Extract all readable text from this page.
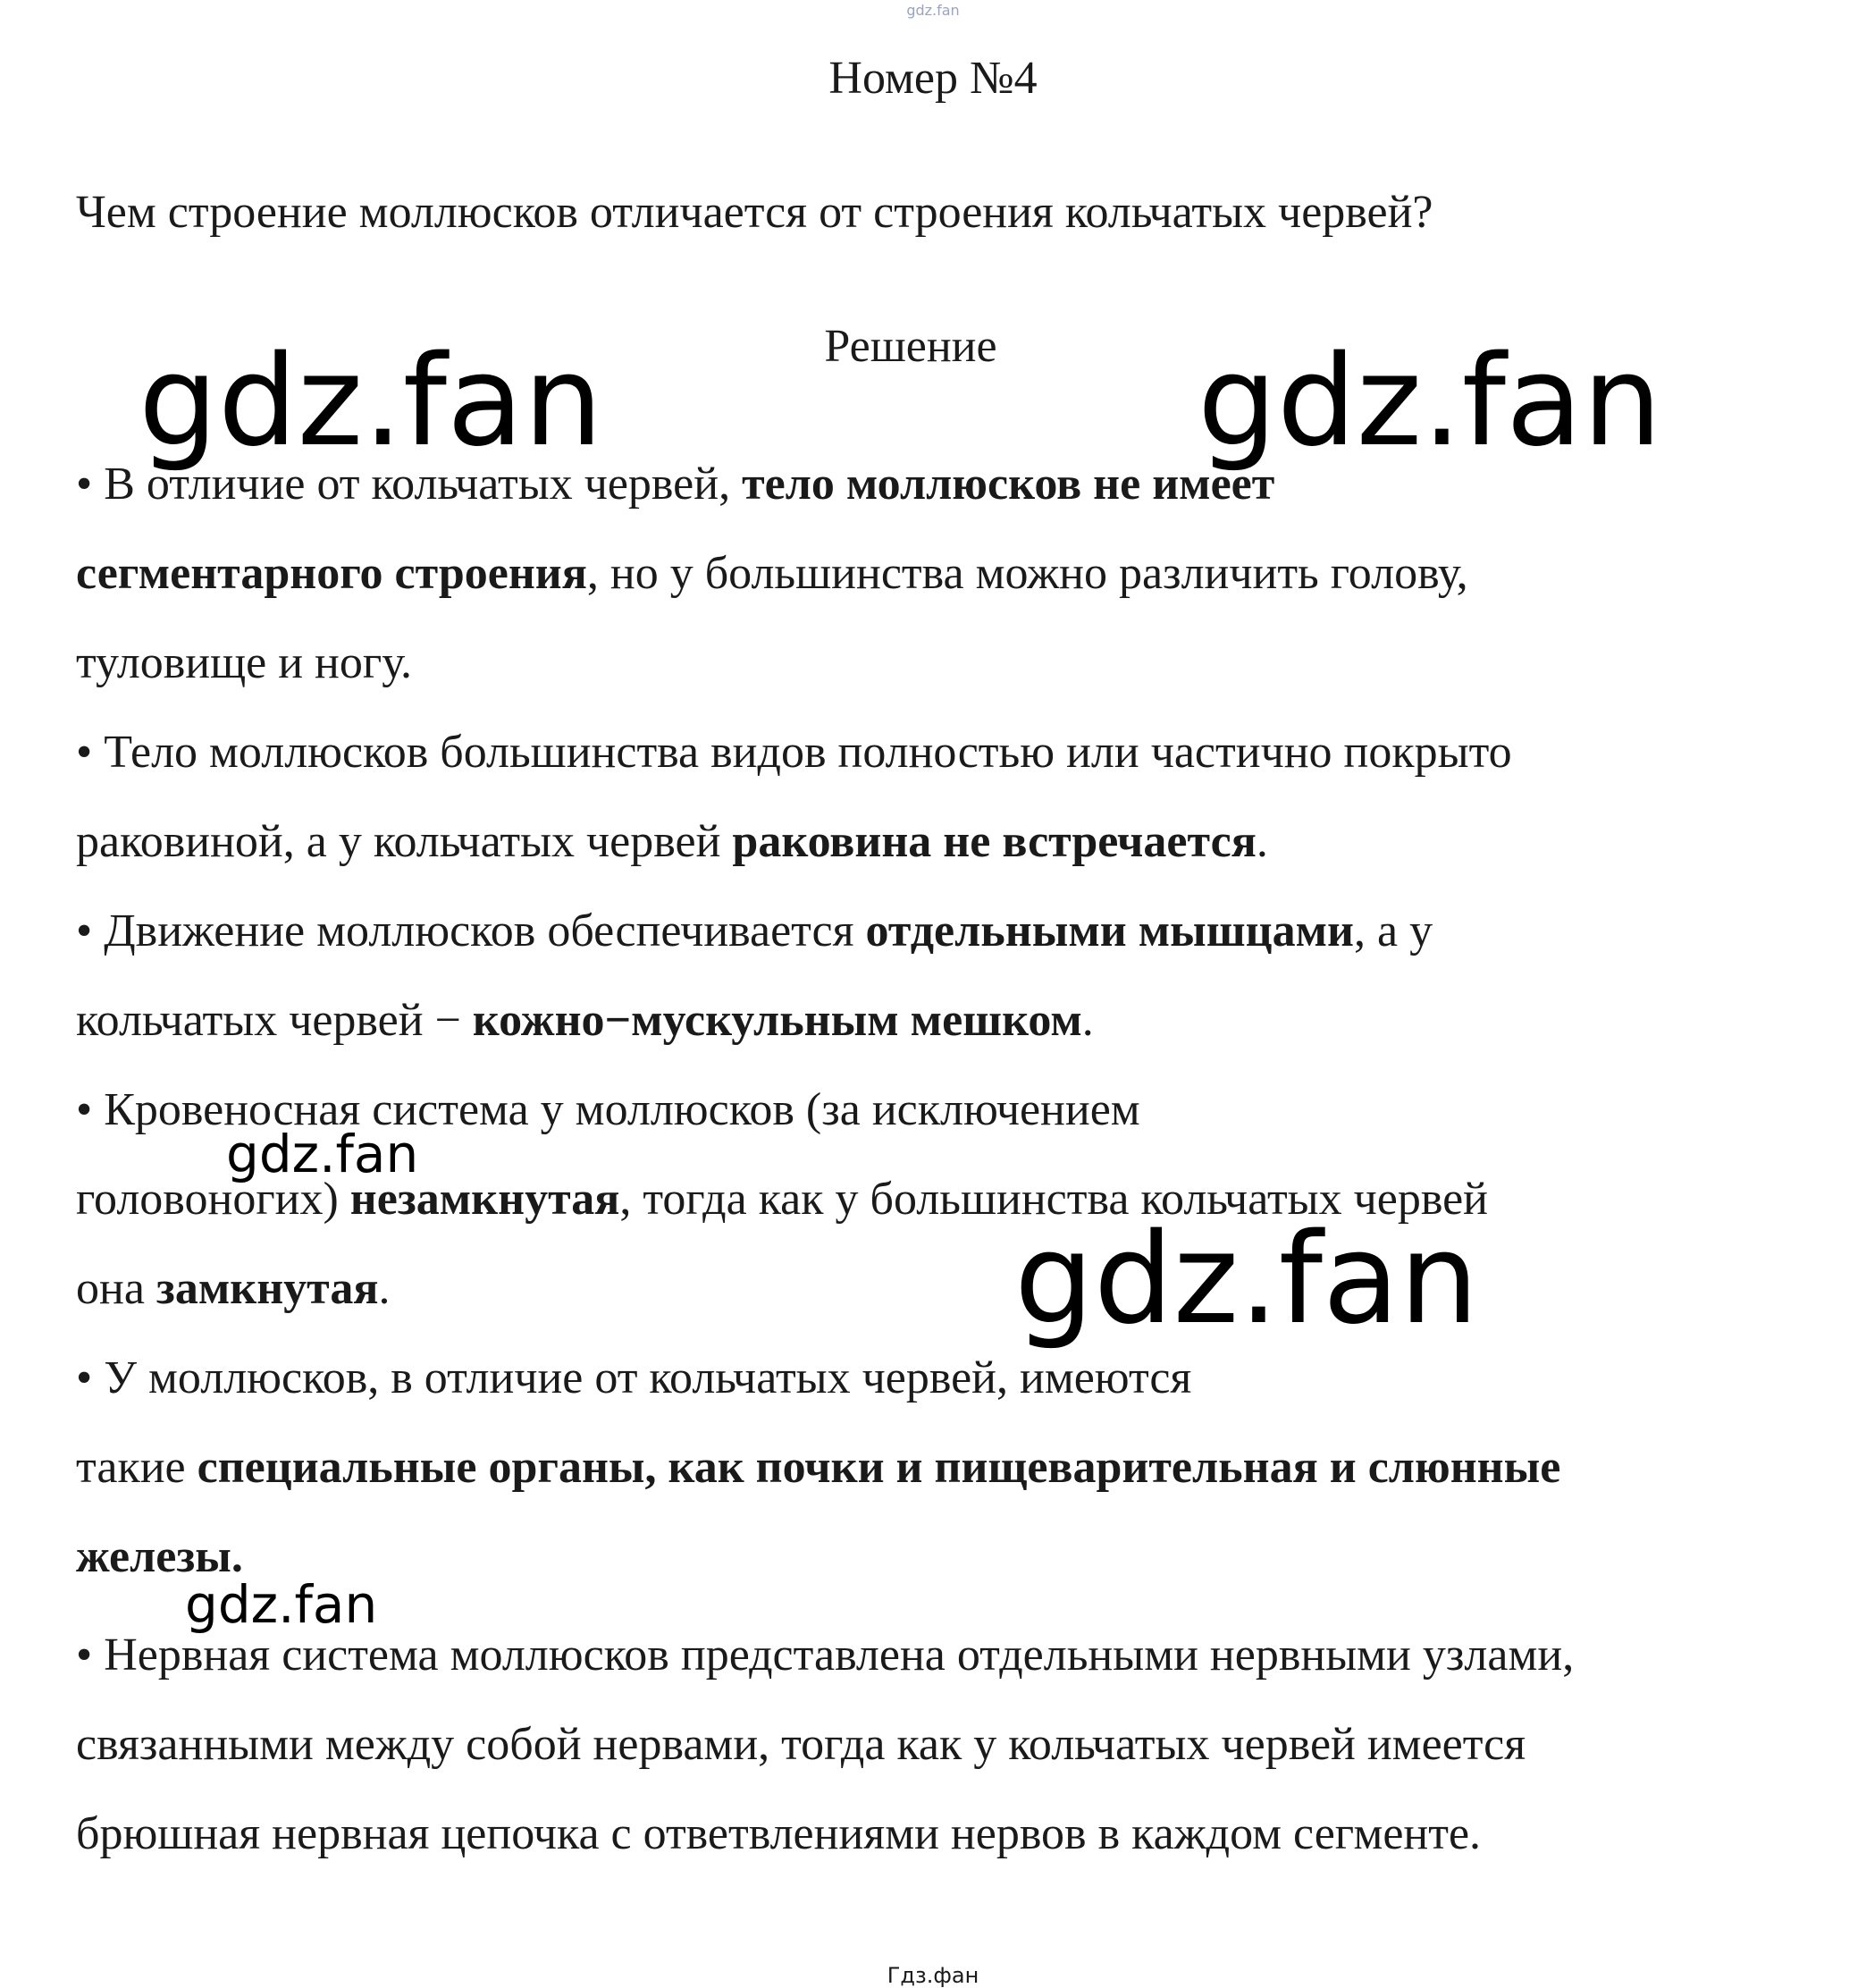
gdz.fan
Номер №4
Чем строение моллюсков отличается от строения кольчатых червей?
Решение
• В отличие от кольчатых червей, тело моллюсков не имеет
сегментарного строения, но у большинства можно различить голову,
туловище и ногу.
• Тело моллюсков большинства видов полностью или частично покрыто
раковиной, а у кольчатых червей раковина не встречается.
• Движение моллюсков обеспечивается отдельными мышцами, а у
кольчатых червей − кожно−мускульным мешком.
• Кровеносная система у моллюсков (за исключением
головоногих) незамкнутая, тогда как у большинства кольчатых червей
она замкнутая.
• У моллюсков, в отличие от кольчатых червей, имеются
такие специальные органы, как почки и пищеварительная и слюнные
железы.
• Нервная система моллюсков представлена отдельными нервными узлами,
связанными между собой нервами, тогда как у кольчатых червей имеется
брюшная нервная цепочка с ответвлениями нервов в каждом сегменте.
gdz.fan	gdz.fan
gdz.fan
gdz.fan
gdz.fan
Гдз.фан
